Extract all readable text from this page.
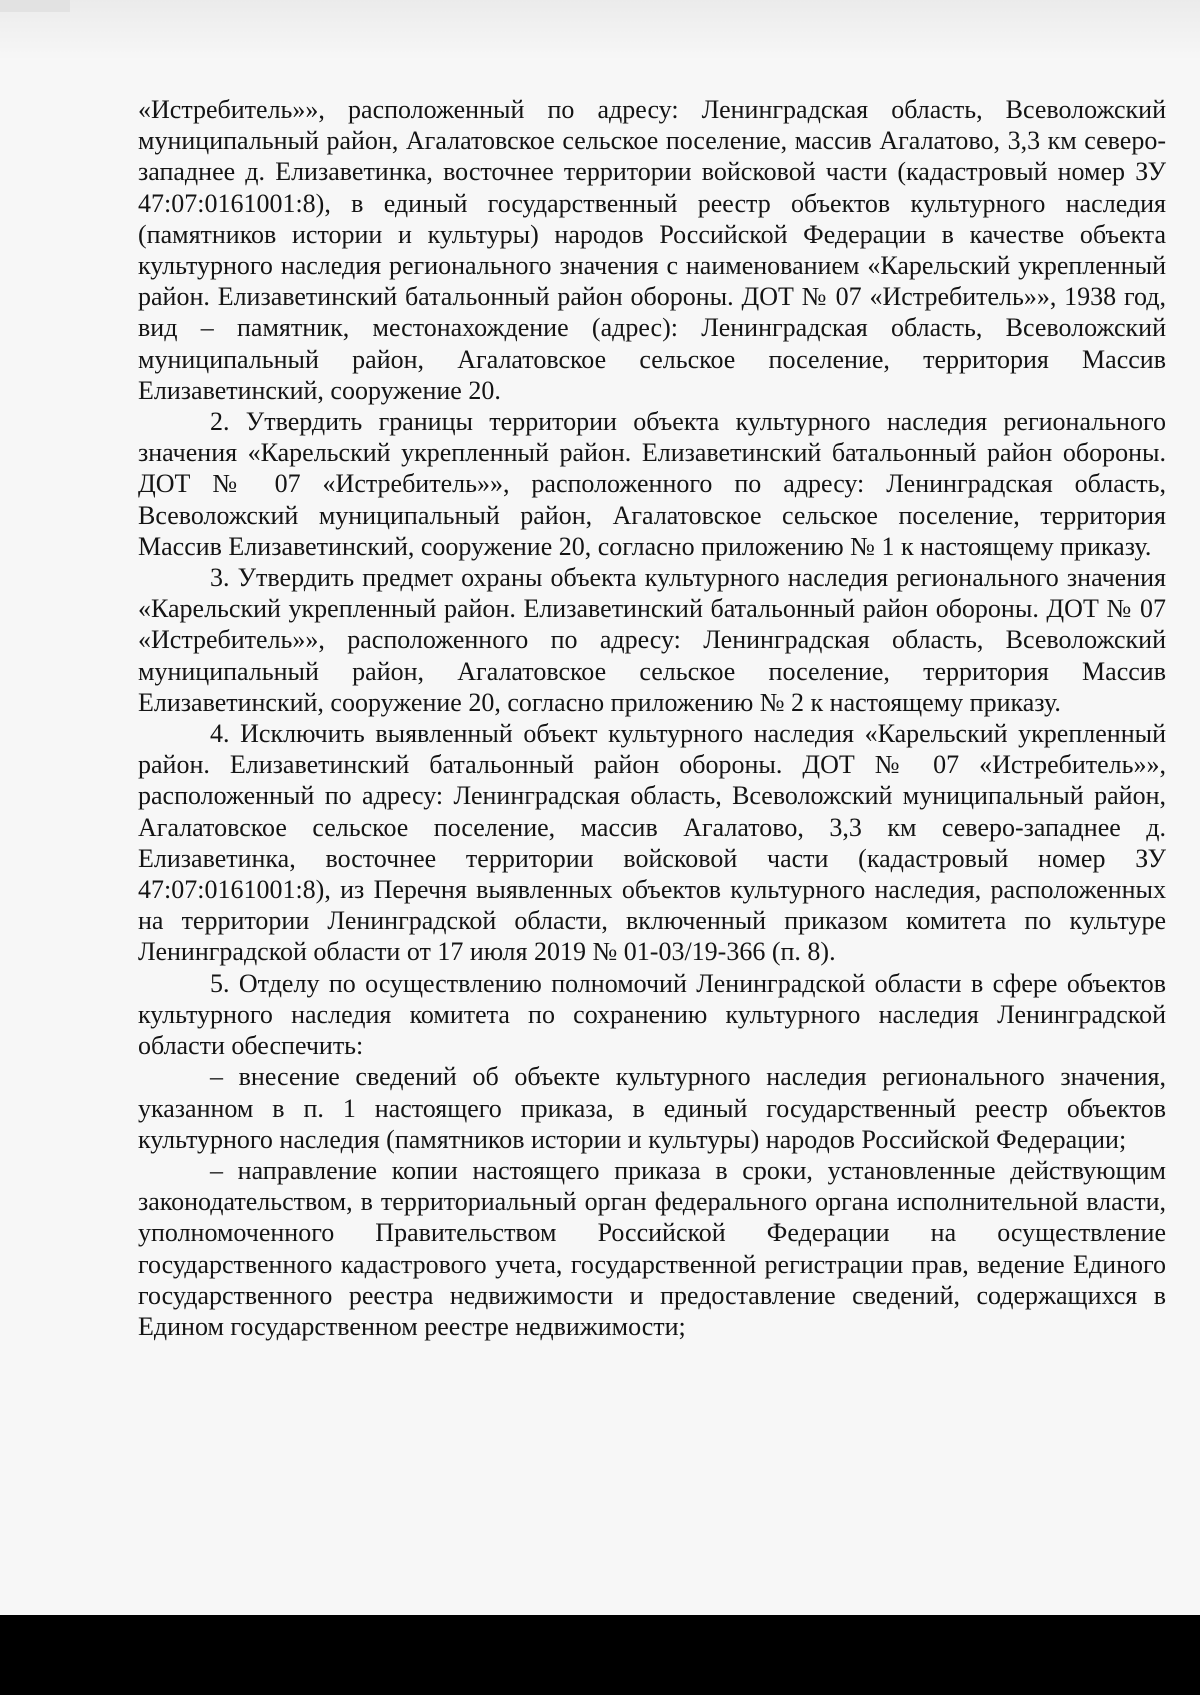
«Истребитель»», расположенный по адресу: Ленинградская область, Всеволожский муниципальный район, Агалатовское сельское поселение, массив Агалатово, 3,3 км северо-западнее д. Елизаветинка, восточнее территории войсковой части (кадастровый номер ЗУ 47:07:0161001:8), в единый государственный реестр объектов культурного наследия (памятников истории и культуры) народов Российской Федерации в качестве объекта культурного наследия регионального значения с наименованием «Карельский укрепленный район. Елизаветинский батальонный район обороны. ДОТ № 07 «Истребитель»», 1938 год, вид – памятник, местонахождение (адрес): Ленинградская область, Всеволожский муниципальный район, Агалатовское сельское поселение, территория Массив Елизаветинский, сооружение 20.

2. Утвердить границы территории объекта культурного наследия регионального значения «Карельский укрепленный район. Елизаветинский батальонный район обороны. ДОТ № 07 «Истребитель»», расположенного по адресу: Ленинградская область, Всеволожский муниципальный район, Агалатовское сельское поселение, территория Массив Елизаветинский, сооружение 20, согласно приложению № 1 к настоящему приказу.

3. Утвердить предмет охраны объекта культурного наследия регионального значения «Карельский укрепленный район. Елизаветинский батальонный район обороны. ДОТ № 07 «Истребитель»», расположенного по адресу: Ленинградская область, Всеволожский муниципальный район, Агалатовское сельское поселение, территория Массив Елизаветинский, сооружение 20, согласно приложению № 2 к настоящему приказу.

4. Исключить выявленный объект культурного наследия «Карельский укрепленный район. Елизаветинский батальонный район обороны. ДОТ № 07 «Истребитель»», расположенный по адресу: Ленинградская область, Всеволожский муниципальный район, Агалатовское сельское поселение, массив Агалатово, 3,3 км северо-западнее д. Елизаветинка, восточнее территории войсковой части (кадастровый номер ЗУ 47:07:0161001:8), из Перечня выявленных объектов культурного наследия, расположенных на территории Ленинградской области, включенный приказом комитета по культуре Ленинградской области от 17 июля 2019 № 01-03/19-366 (п. 8).

5. Отделу по осуществлению полномочий Ленинградской области в сфере объектов культурного наследия комитета по сохранению культурного наследия Ленинградской области обеспечить:

– внесение сведений об объекте культурного наследия регионального значения, указанном в п. 1 настоящего приказа, в единый государственный реестр объектов культурного наследия (памятников истории и культуры) народов Российской Федерации;

– направление копии настоящего приказа в сроки, установленные действующим законодательством, в территориальный орган федерального органа исполнительной власти, уполномоченного Правительством Российской Федерации на осуществление государственного кадастрового учета, государственной регистрации прав, ведение Единого государственного реестра недвижимости и предоставление сведений, содержащихся в Едином государственном реестре недвижимости;
